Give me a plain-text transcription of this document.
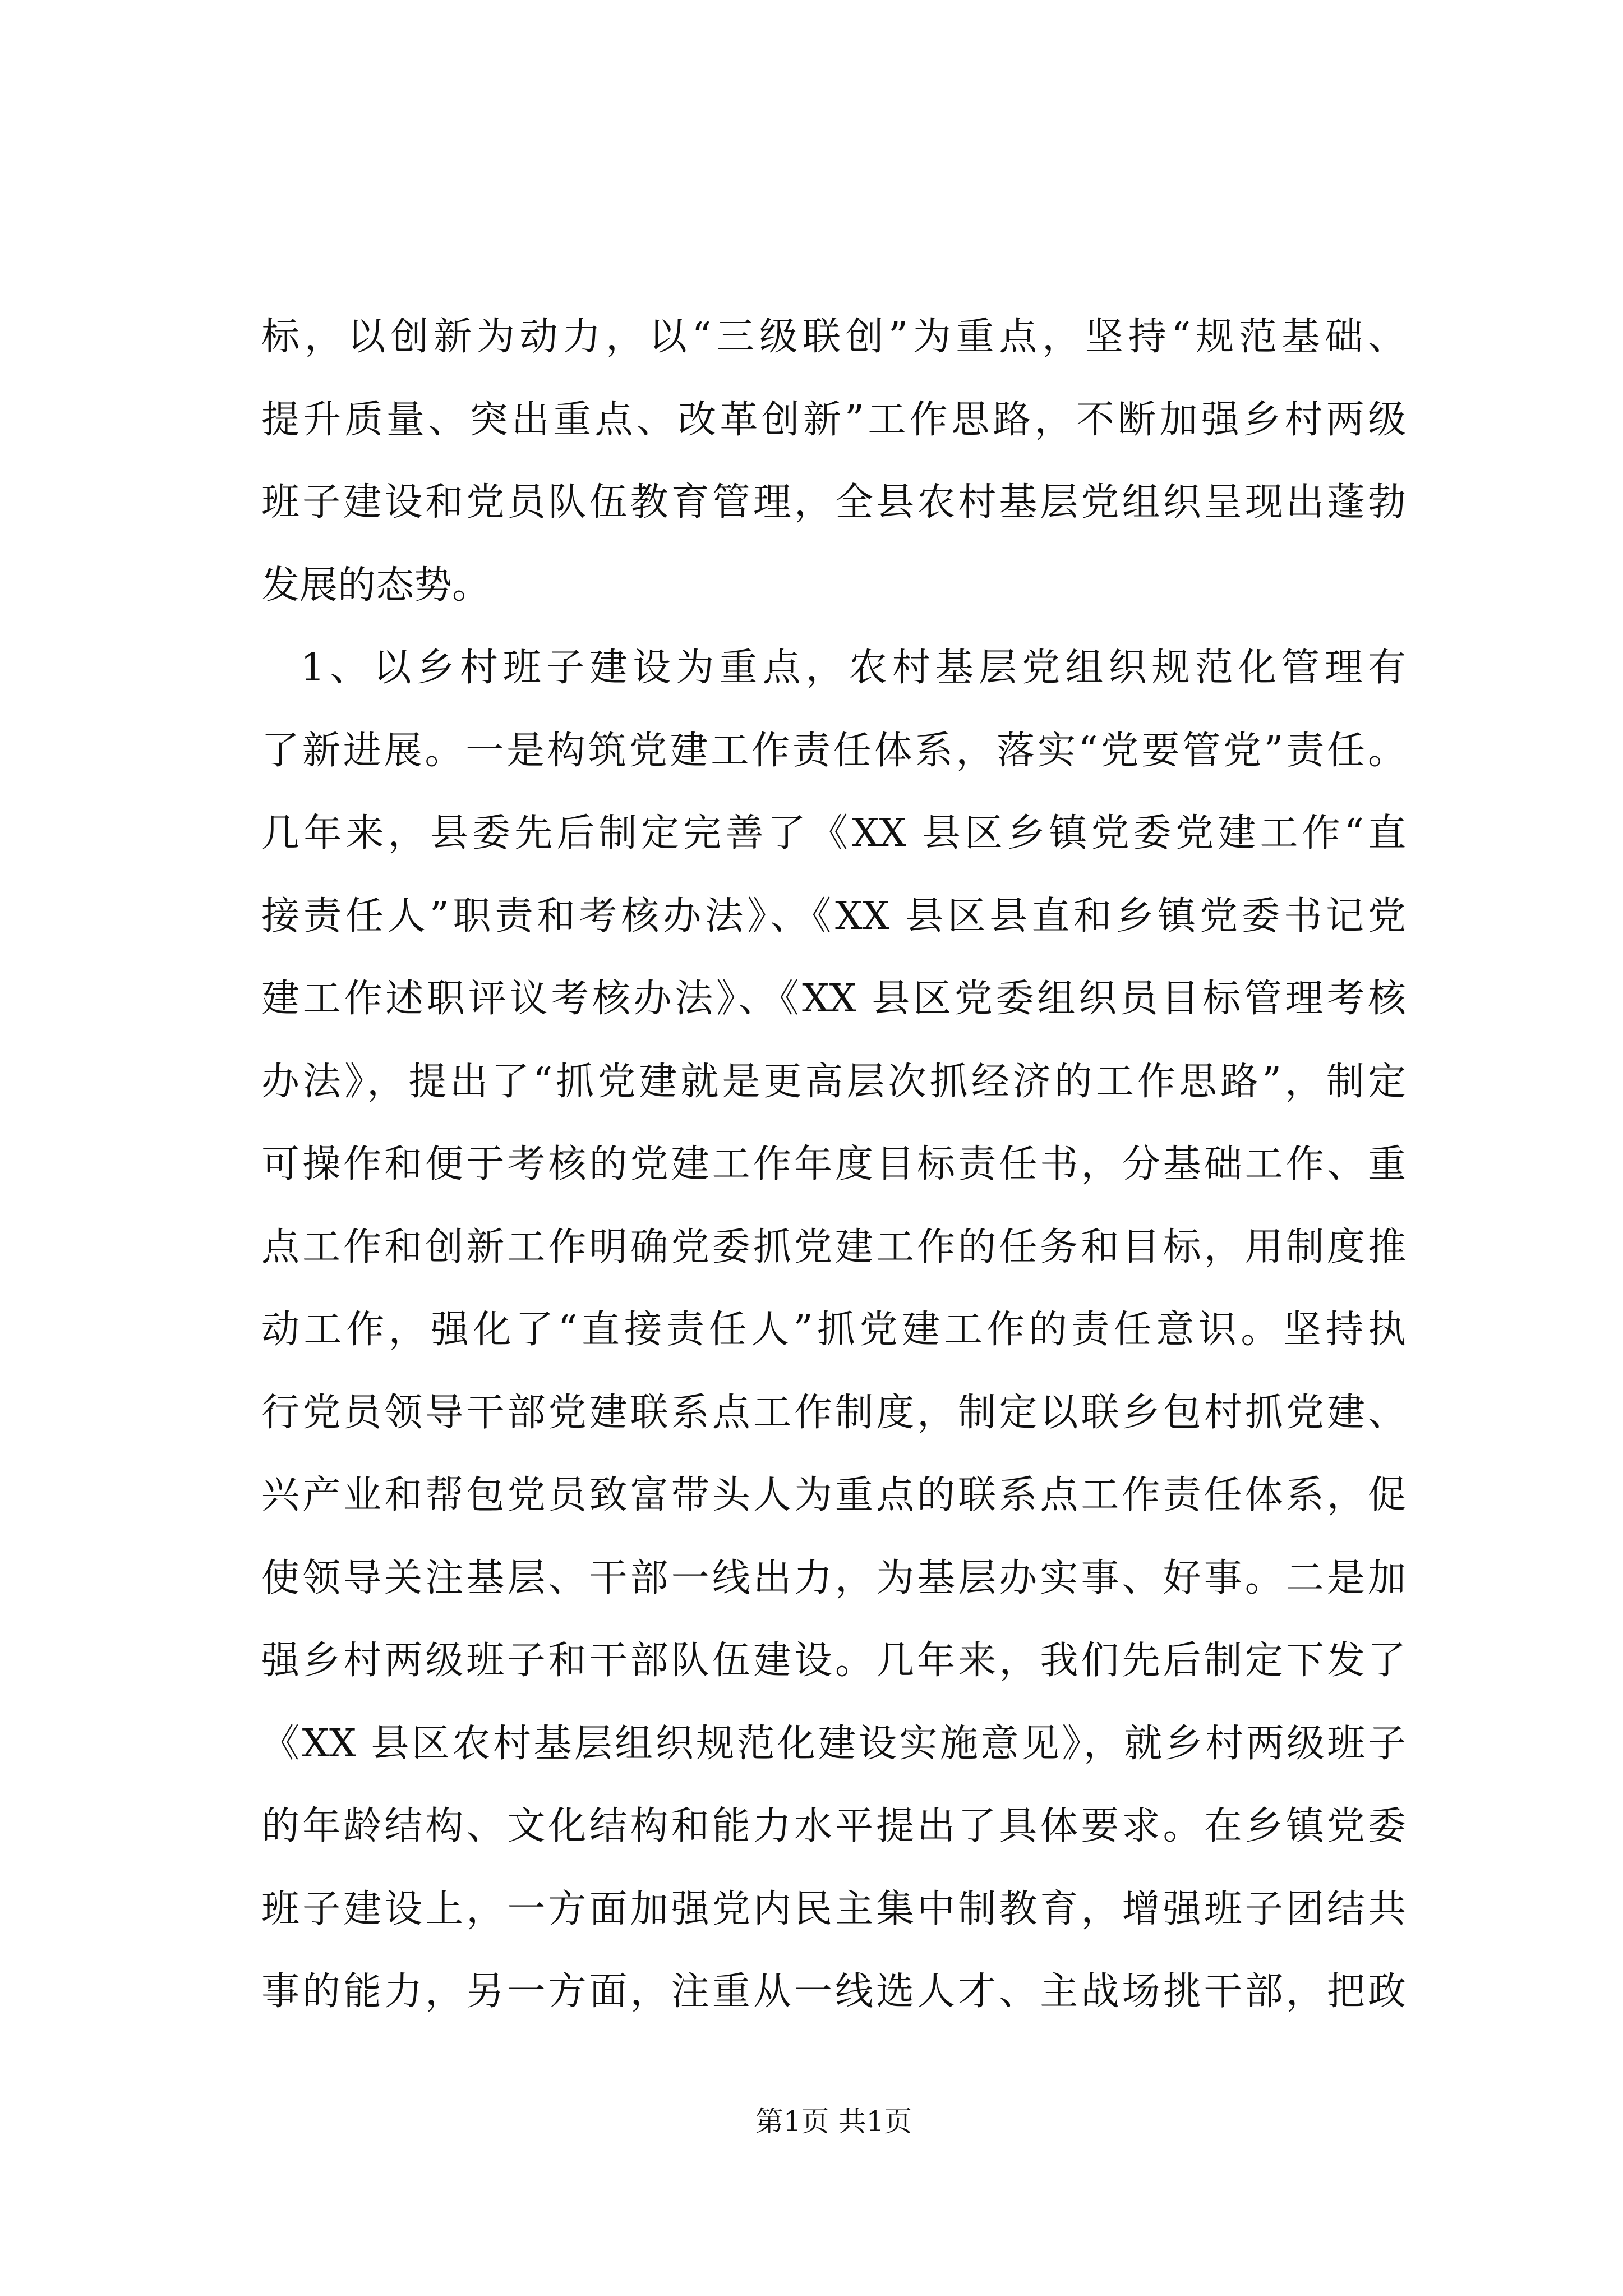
标，以创新为动力，以“三级联创”为重点，坚持“规范基础、
提升质量、突出重点、改革创新”工作思路，不断加强乡村两级
班子建设和党员队伍教育管理，全县农村基层党组织呈现出蓬勃
发展的态势。
1、以乡村班子建设为重点，农村基层党组织规范化管理有
了新进展。一是构筑党建工作责任体系，落实“党要管党”责任。
几年来，县委先后制定完善了《XX 县区乡镇党委党建工作“直
接责任人”职责和考核办法》、《XX 县区县直和乡镇党委书记党
建工作述职评议考核办法》、《XX 县区党委组织员目标管理考核
办法》，提出了“抓党建就是更高层次抓经济的工作思路”，制定
可操作和便于考核的党建工作年度目标责任书，分基础工作、重
点工作和创新工作明确党委抓党建工作的任务和目标，用制度推
动工作，强化了“直接责任人”抓党建工作的责任意识。坚持执
行党员领导干部党建联系点工作制度，制定以联乡包村抓党建、
兴产业和帮包党员致富带头人为重点的联系点工作责任体系，促
使领导关注基层、干部一线出力，为基层办实事、好事。二是加
强乡村两级班子和干部队伍建设。几年来，我们先后制定下发了
《XX 县区农村基层组织规范化建设实施意见》，就乡村两级班子
的年龄结构、文化结构和能力水平提出了具体要求。在乡镇党委
班子建设上，一方面加强党内民主集中制教育，增强班子团结共
事的能力，另一方面，注重从一线选人才、主战场挑干部，把政
第1页 共1页
